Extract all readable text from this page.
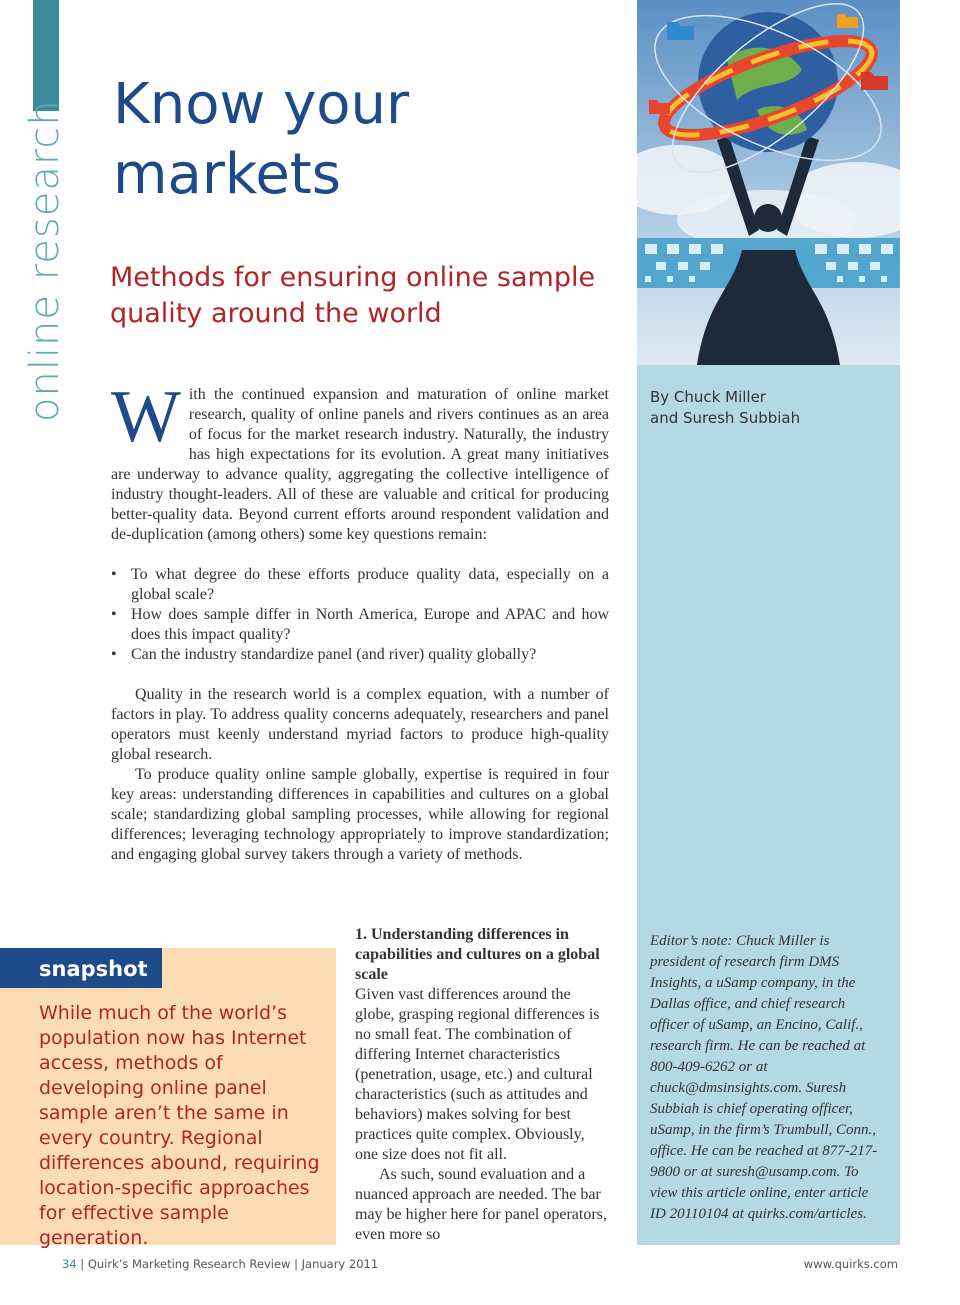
online research Know your
markets
Methods for ensuring online sample quality around the world
By Chuck Miller
and Suresh Subbiah

With the continued expansion and maturation of online market research, quality of online panels and rivers continues as an area of focus for the market research industry. Naturally, the industry has high expectations for its evolution. A great many initiatives are underway to advance quality, aggregating the collective intelligence of industry thought-leaders. All of these are valuable and critical for producing better-quality data. Beyond current efforts around respondent validation and de-duplication (among others) some key questions remain:

• To what degree do these efforts produce quality data, especially on a global scale?
• How does sample differ in North America, Europe and APAC and how does this impact quality?
• Can the industry standardize panel (and river) quality globally?

Quality in the research world is a complex equation, with a number of factors in play. To address quality concerns adequately, researchers and panel operators must keenly understand myriad factors to produce high-quality global research.

To produce quality online sample globally, expertise is required in four key areas: understanding differences in capabilities and cultures on a global scale; standardizing global sampling processes, while allowing for regional differences; leveraging technology appropriately to improve standardization; and engaging global survey takers through a variety of methods.

1. Understanding differences in capabilities and cultures on a global scale

Given vast differences around the globe, grasping regional differences is no small feat. The combination of differing Internet characteristics (penetration, usage, etc.) and cultural characteristics (such as attitudes and behaviors) makes solving for best practices quite complex. Obviously, one size does not fit all.

As such, sound evaluation and a nuanced approach are needed. The bar may be higher here for panel operators, even more so

Editor’s note: Chuck Miller is president of research firm DMS Insights, a uSamp company, in the Dallas office, and chief research officer of uSamp, an Encino, Calif., research firm. He can be reached at 800-409-6262 or at chuck@dmsinsights.com. Suresh Subbiah is chief operating officer, uSamp, in the firm’s Trumbull, Conn., office. He can be reached at 877-217-9800 or at suresh@usamp.com. To view this article online, enter article ID 20110104 at quirks.com/articles.
snapshot
While much of the world’s population now has Internet access, methods of developing online panel sample aren’t the same in every country. Regional differences abound, requiring location-specific approaches for effective sample generation.
34 | Quirk’s Marketing Research Review | January 2011	www.quirks.com
